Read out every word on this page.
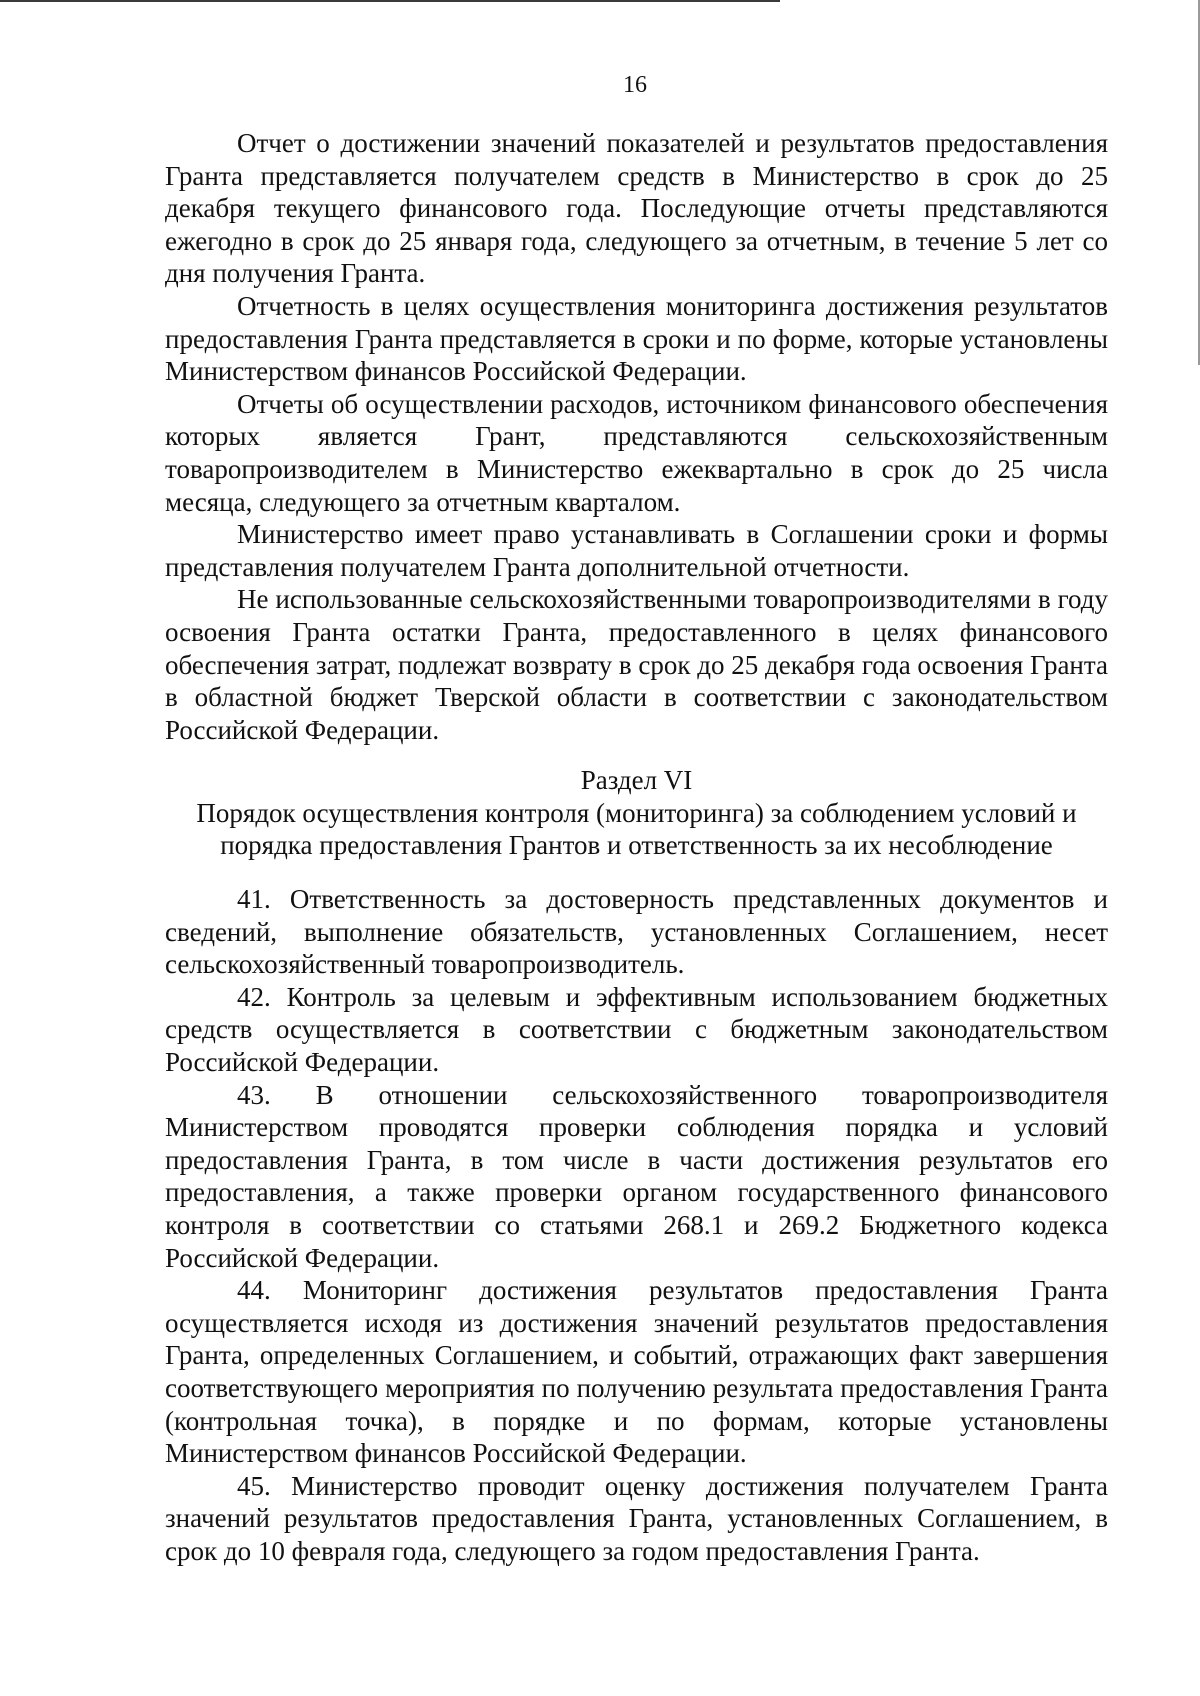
16

Отчет о достижении значений показателей и результатов предоставления Гранта представляется получателем средств в Министерство в срок до 25 декабря текущего финансового года. Последующие отчеты представляются ежегодно в срок до 25 января года, следующего за отчетным, в течение 5 лет со дня получения Гранта.

Отчетность в целях осуществления мониторинга достижения результатов предоставления Гранта представляется в сроки и по форме, которые установлены Министерством финансов Российской Федерации.

Отчеты об осуществлении расходов, источником финансового обеспечения которых является Грант, представляются сельскохозяйственным товаропроизводителем в Министерство ежеквартально в срок до 25 числа месяца, следующего за отчетным кварталом.

Министерство имеет право устанавливать в Соглашении сроки и формы представления получателем Гранта дополнительной отчетности.

Не использованные сельскохозяйственными товаропроизводителями в году освоения Гранта остатки Гранта, предоставленного в целях финансового обеспечения затрат, подлежат возврату в срок до 25 декабря года освоения Гранта в областной бюджет Тверской области в соответствии с законодательством Российской Федерации.

Раздел VI
Порядок осуществления контроля (мониторинга) за соблюдением условий и
порядка предоставления Грантов и ответственность за их несоблюдение

41. Ответственность за достоверность представленных документов и сведений, выполнение обязательств, установленных Соглашением, несет сельскохозяйственный товаропроизводитель.

42. Контроль за целевым и эффективным использованием бюджетных средств осуществляется в соответствии с бюджетным законодательством Российской Федерации.

43. В отношении сельскохозяйственного товаропроизводителя Министерством проводятся проверки соблюдения порядка и условий предоставления Гранта, в том числе в части достижения результатов его предоставления, а также проверки органом государственного финансового контроля в соответствии со статьями 268.1 и 269.2 Бюджетного кодекса Российской Федерации.

44. Мониторинг достижения результатов предоставления Гранта осуществляется исходя из достижения значений результатов предоставления Гранта, определенных Соглашением, и событий, отражающих факт завершения соответствующего мероприятия по получению результата предоставления Гранта (контрольная точка), в порядке и по формам, которые установлены Министерством финансов Российской Федерации.

45. Министерство проводит оценку достижения получателем Гранта значений результатов предоставления Гранта, установленных Соглашением, в срок до 10 февраля года, следующего за годом предоставления Гранта.
